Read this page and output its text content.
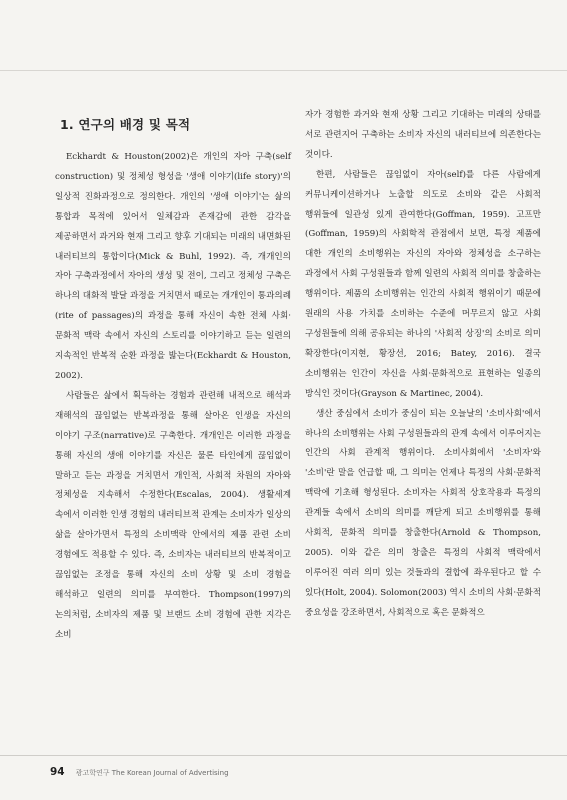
1. 연구의 배경 및 목적

Eckhardt & Houston(2002)은 개인의 자아 구축(self construction) 및 정체성 형성을 '생애 이야기(life story)'의 일상적 진화과정으로 정의한다. 개인의 '생애 이야기'는 삶의 통합과 목적에 있어서 일체감과 존재감에 관한 감각을 제공하면서 과거와 현재 그리고 향후 기대되는 미래의 내면화된 내러티브의 통합이다(Mick & Buhl, 1992). 즉, 개개인의 자아 구축과정에서 자아의 생성 및 전이, 그리고 정체성 구축은 하나의 대화적 발달 과정을 거치면서 때로는 개개인이 통과의례(rite of passages)의 과정을 통해 자신이 속한 전체 사회·문화적 맥락 속에서 자신의 스토리를 이야기하고 듣는 일련의 지속적인 반복적 순환 과정을 밟는다(Eckhardt & Houston, 2002).

사람들은 삶에서 획득하는 경험과 관련해 내적으로 해석과 재해석의 끊임없는 반복과정을 통해 살아온 인생을 자신의 이야기 구조(narrative)로 구축한다. 개개인은 이러한 과정을 통해 자신의 생애 이야기를 자신은 물론 타인에게 끊임없이 말하고 듣는 과정을 거치면서 개인적, 사회적 차원의 자아와 정체성을 지속해서 수정한다(Escalas, 2004). 생활세계 속에서 이러한 인생 경험의 내러티브적 관계는 소비자가 일상의 삶을 살아가면서 특정의 소비맥락 안에서의 제품 관련 소비 경험에도 적용할 수 있다. 즉, 소비자는 내러티브의 반복적이고 끊임없는 조정을 통해 자신의 소비 상황 및 소비 경험을 해석하고 일련의 의미를 부여한다. Thompson(1997)의 논의처럼, 소비자의 제품 및 브랜드 소비 경험에 관한 지각은 소비

자가 경험한 과거와 현재 상황 그리고 기대하는 미래의 상태를 서로 관련지어 구축하는 소비자 자신의 내러티브에 의존한다는 것이다.

한편, 사람들은 끊임없이 자아(self)를 다른 사람에게 커뮤니케이션하거나 노출할 의도로 소비와 같은 사회적 행위들에 일관성 있게 관여한다(Goffman, 1959). 고프만(Goffman, 1959)의 사회학적 관점에서 보면, 특정 제품에 대한 개인의 소비행위는 자신의 자아와 정체성을 소구하는 과정에서 사회 구성원들과 함께 일련의 사회적 의미를 창출하는 행위이다. 제품의 소비행위는 인간의 사회적 행위이기 때문에 원래의 사용 가치를 소비하는 수준에 머무르지 않고 사회 구성원들에 의해 공유되는 하나의 '사회적 상징'의 소비로 의미 확장한다(이지현, 황장선, 2016; Batey, 2016). 결국 소비행위는 인간이 자신을 사회·문화적으로 표현하는 일종의 방식인 것이다(Grayson & Martinec, 2004).

생산 중심에서 소비가 중심이 되는 오늘날의 '소비사회'에서 하나의 소비행위는 사회 구성원들과의 관계 속에서 이루어지는 인간의 사회 관계적 행위이다. 소비사회에서 '소비자'와 '소비'란 말을 언급할 때, 그 의미는 언제나 특정의 사회·문화적 맥락에 기초해 형성된다. 소비자는 사회적 상호작용과 특정의 관계들 속에서 소비의 의미를 깨닫게 되고 소비행위를 통해 사회적, 문화적 의미를 창출한다(Arnold & Thompson, 2005). 이와 같은 의미 창출은 특정의 사회적 맥락에서 이루어진 여러 의미 있는 것들과의 결합에 좌우된다고 할 수 있다(Holt, 2004). Solomon(2003) 역시 소비의 사회·문화적 중요성을 강조하면서, 사회적으로 혹은 문화적으

94 광고학연구 The Korean Journal of Advertising
